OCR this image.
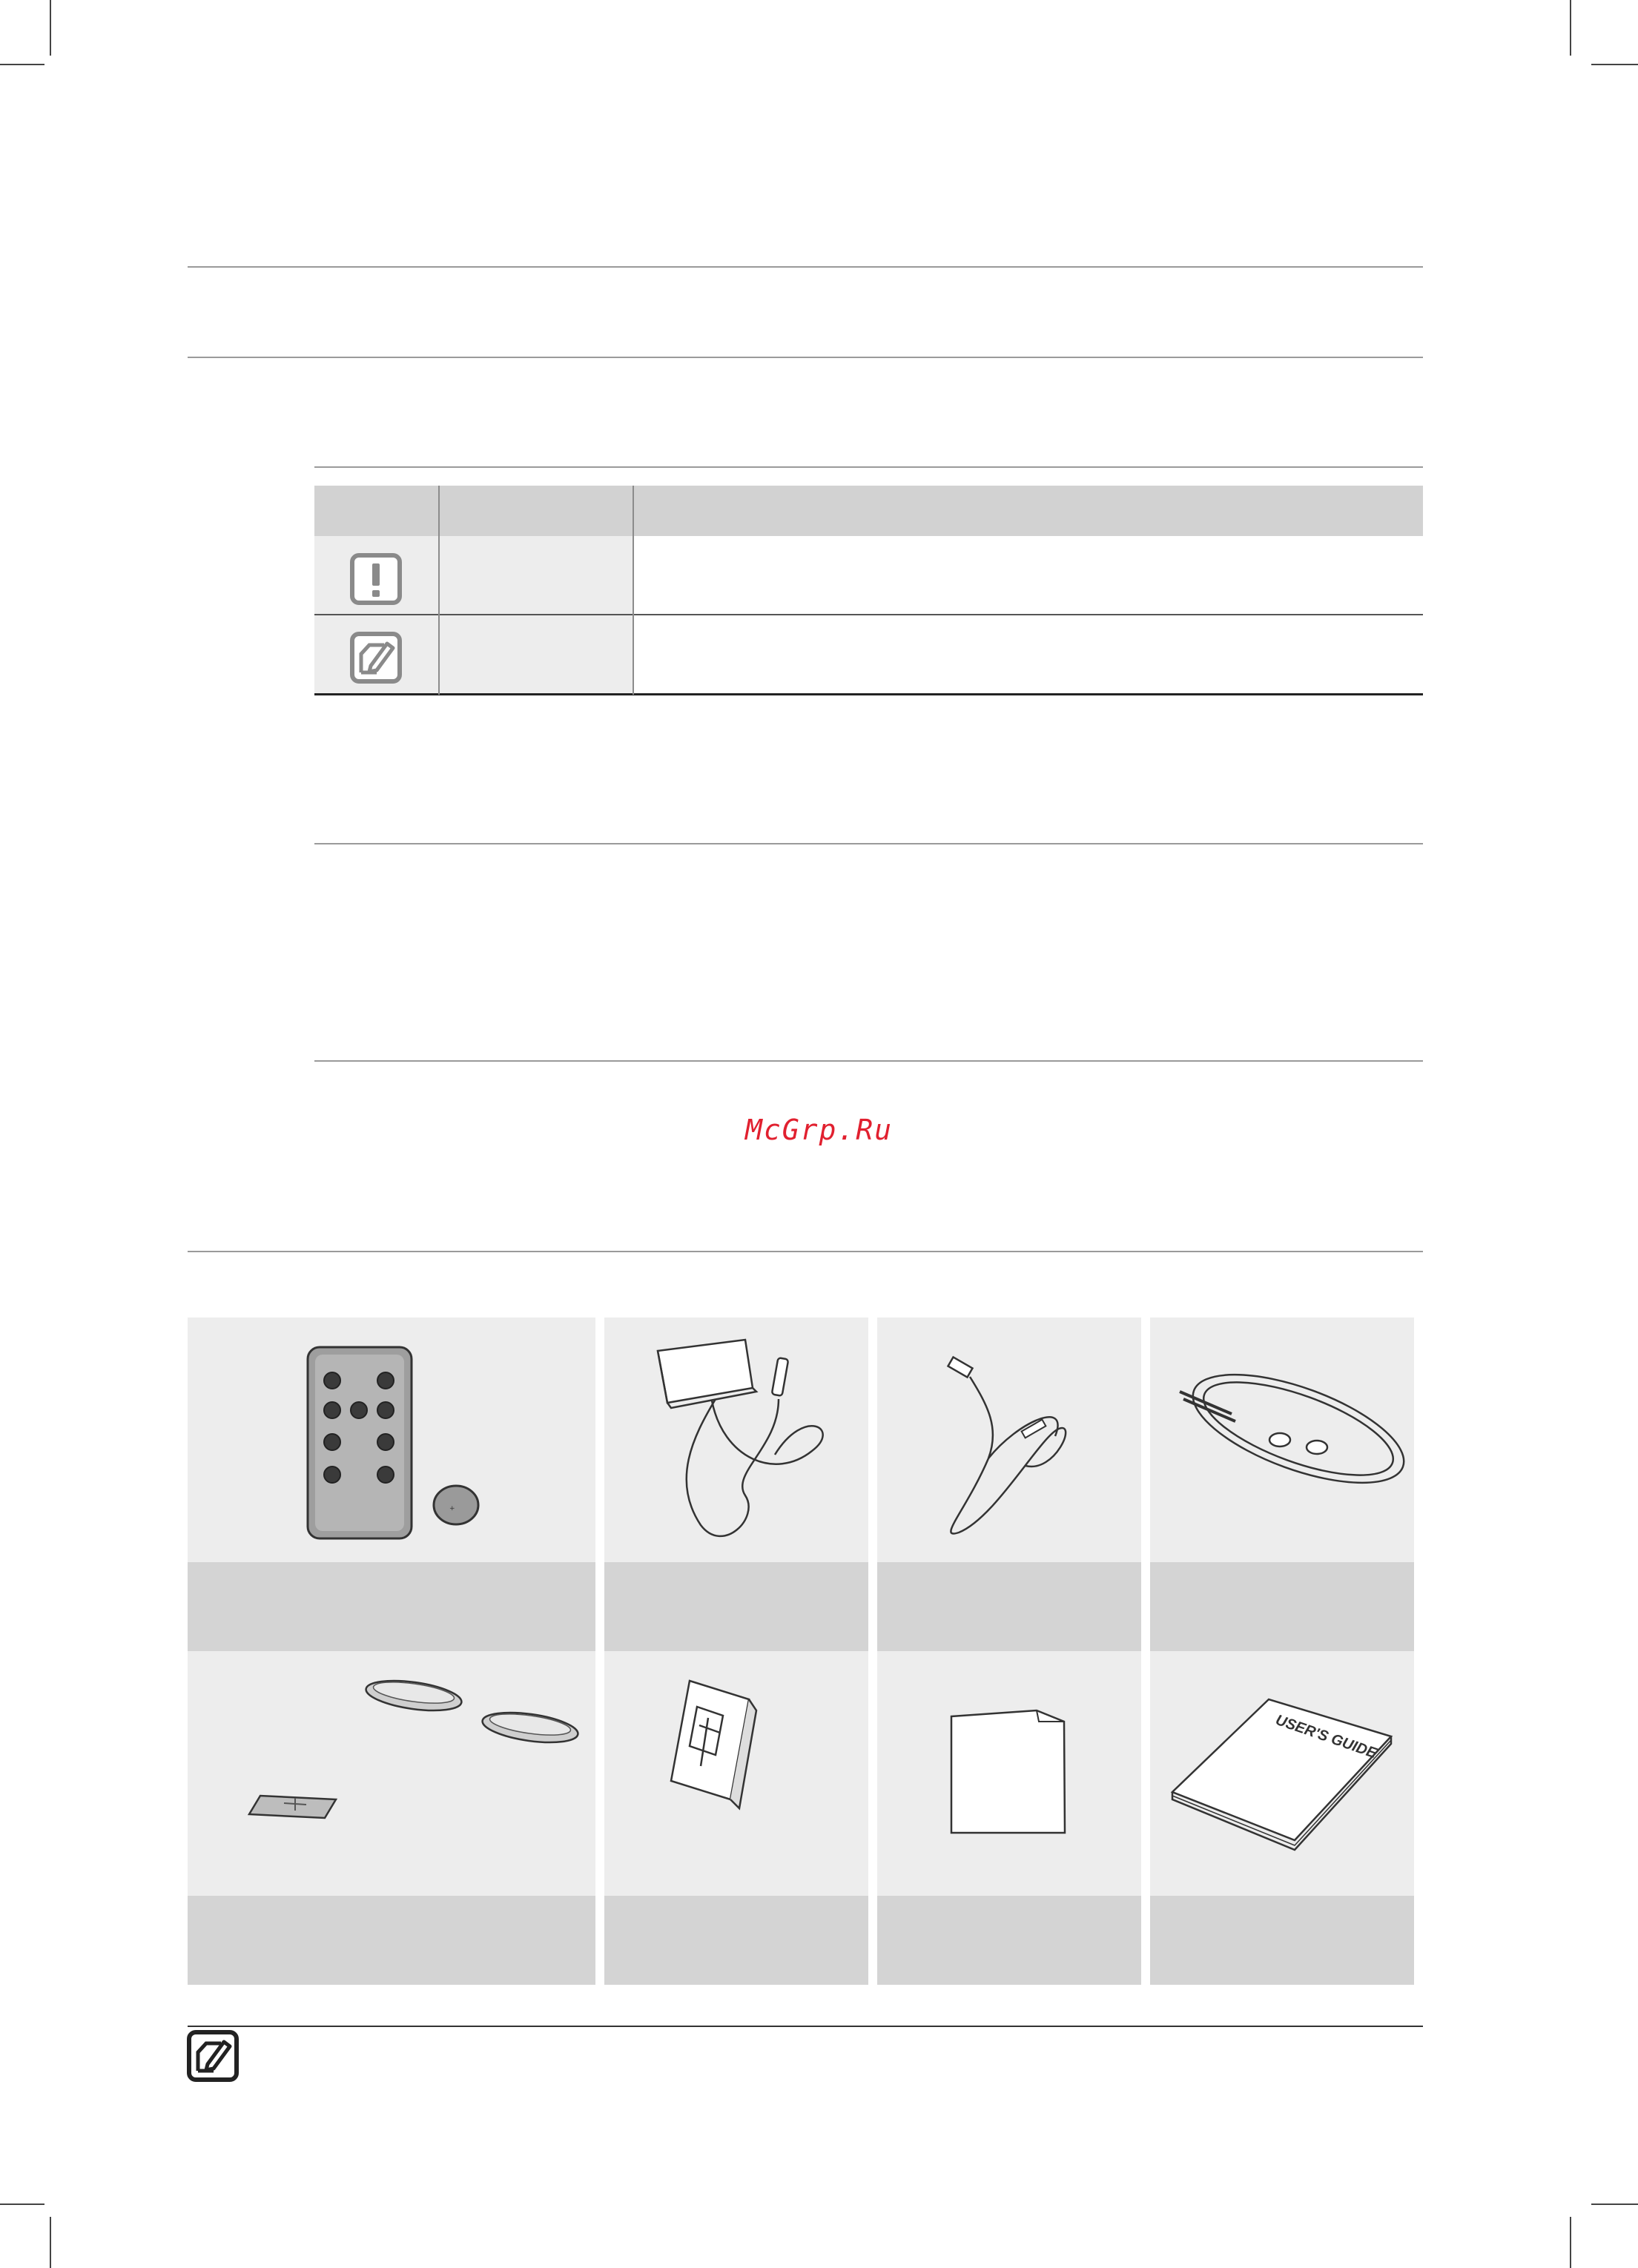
McGrp.Ru
+
USER'S GUIDE
